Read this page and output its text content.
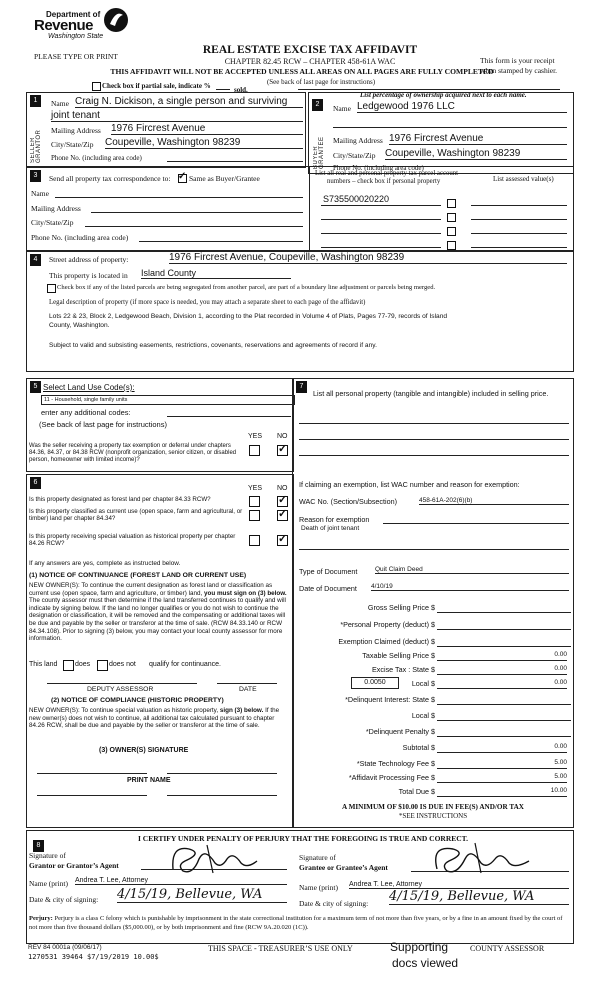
Department of
Revenue
Washington State
PLEASE TYPE OR PRINT
REAL ESTATE EXCISE TAX AFFIDAVIT
CHAPTER 82.45 RCW – CHAPTER 458-61A WAC
THIS AFFIDAVIT WILL NOT BE ACCEPTED UNLESS ALL AREAS ON ALL PAGES ARE FULLY COMPLETED
(See back of last page for instructions)
This form is your receipt
when stamped by cashier.
Check box if partial sale, indicate %	sold.
List percentage of ownership acquired next to each name.
1
SELLER GRANTOR
Name Craig N. Dickison, a single person and surviving
joint tenant
Mailing Address 1976 Fircrest Avenue
City/State/Zip Coupeville, Washington 98239
Phone No. (including area code)
2
BUYER GRANTEE
Name Ledgewood 1976 LLC
Mailing Address 1976 Fircrest Avenue
City/State/Zip Coupeville, Washington 98239
Phone No. (including area code)
3	Send all property tax correspondence to: ✓ Same as Buyer/Grantee
Name
Mailing Address
City/State/Zip
Phone No. (including area code)
List all real and personal property tax parcel account
numbers – check box if personal property	List assessed value(s)
S735500020220
4	Street address of property:	1976 Fircrest Avenue, Coupeville, Washington 98239
This property is located in Island County
Check box if any of the listed parcels are being segregated from another parcel, are part of a boundary line adjustment or parcels being merged.
Legal description of property (if more space is needed, you may attach a separate sheet to each page of the affidavit)
Lots 22 & 23, Block 2, Ledgewood Beach, Division 1, according to the Plat recorded in Volume 4 of Plats, Pages 77-79, records of Island
County, Washington.
Subject to valid and subsisting easements, restrictions, covenants, reservations and agreements of record if any.
5 Select Land Use Code(s):
11 - Household, single family units
enter any additional codes:
(See back of last page for instructions)
YES NO
Was the seller receiving a property tax exemption or deferral under chapters 84.36, 84.37, or 84.38 RCW (nonprofit organization, senior citizen, or disabled person, homeowner with limited income)?
✓
6
YES NO
Is this property designated as forest land per chapter 84.33 RCW?	✓
Is this property classified as current use (open space, farm and agricultural, or timber) land per chapter 84.34?	✓
Is this property receiving special valuation as historical property per chapter 84.26 RCW?	✓
If any answers are yes, complete as instructed below.
(1) NOTICE OF CONTINUANCE (FOREST LAND OR CURRENT USE)
NEW OWNER(S): To continue the current designation as forest land or classification as current use (open space, farm and agriculture, or timber) land, you must sign on (3) below. The county assessor must then determine if the land transferred continues to qualify and will indicate by signing below. If the land no longer qualifies or you do not wish to continue the designation or classification, it will be removed and the compensating or additional taxes will be due and payable by the seller or transferor at the time of sale. (RCW 84.33.140 or RCW 84.34.108). Prior to signing (3) below, you may contact your local county assessor for more information.
This land	does	does not qualify for continuance.
DEPUTY ASSESSOR	DATE
(2) NOTICE OF COMPLIANCE (HISTORIC PROPERTY)
NEW OWNER(S): To continue special valuation as historic property, sign (3) below. If the new owner(s) does not wish to continue, all additional tax calculated pursuant to chapter 84.26 RCW, shall be due and payable by the seller or transferor at the time of sale.
(3) OWNER(S) SIGNATURE
PRINT NAME
7
List all personal property (tangible and intangible) included in selling price.
If claiming an exemption, list WAC number and reason for exemption:
WAC No. (Section/Subsection)	458-61A-202(6)(b)
Reason for exemption
Death of joint tenant
Type of Document	Quit Claim Deed
Date of Document 4/10/19
Gross Selling Price $
*Personal Property (deduct) $
Exemption Claimed (deduct) $
Taxable Selling Price $	0.00
Excise Tax : State $	0.00
0.0050	Local $	0.00
*Delinquent Interest: State $
Local $
*Delinquent Penalty $
Subtotal $	0.00
*State Technology Fee $	5.00
*Affidavit Processing Fee $	5.00
Total Due $	10.00
A MINIMUM OF $10.00 IS DUE IN FEE(S) AND/OR TAX
*SEE INSTRUCTIONS
8
I CERTIFY UNDER PENALTY OF PERJURY THAT THE FOREGOING IS TRUE AND CORRECT.
Signature of
Grantor or Grantor’s Agent
Name (print) Andrea T. Lee, Attorney
Date & city of signing: 4/15/19, Bellevue, WA
Signature of
Grantee or Grantee’s Agent
Name (print) Andrea T. Lee, Attorney
Date & city of signing: 4/15/19, Bellevue, WA
Perjury: Perjury is a class C felony which is punishable by imprisonment in the state correctional institution for a maximum term of not more than five years, or by a fine in an amount fixed by the court of not more than five thousand dollars ($5,000.00), or by both imprisonment and fine (RCW 9A.20.020 (1C)).
REV 84 0001a (09/06/17)
1270531 39464 $7/19/2019 10.00$
THIS SPACE - TREASURER’S USE ONLY	Supporting	COUNTY ASSESSOR
docs viewed
